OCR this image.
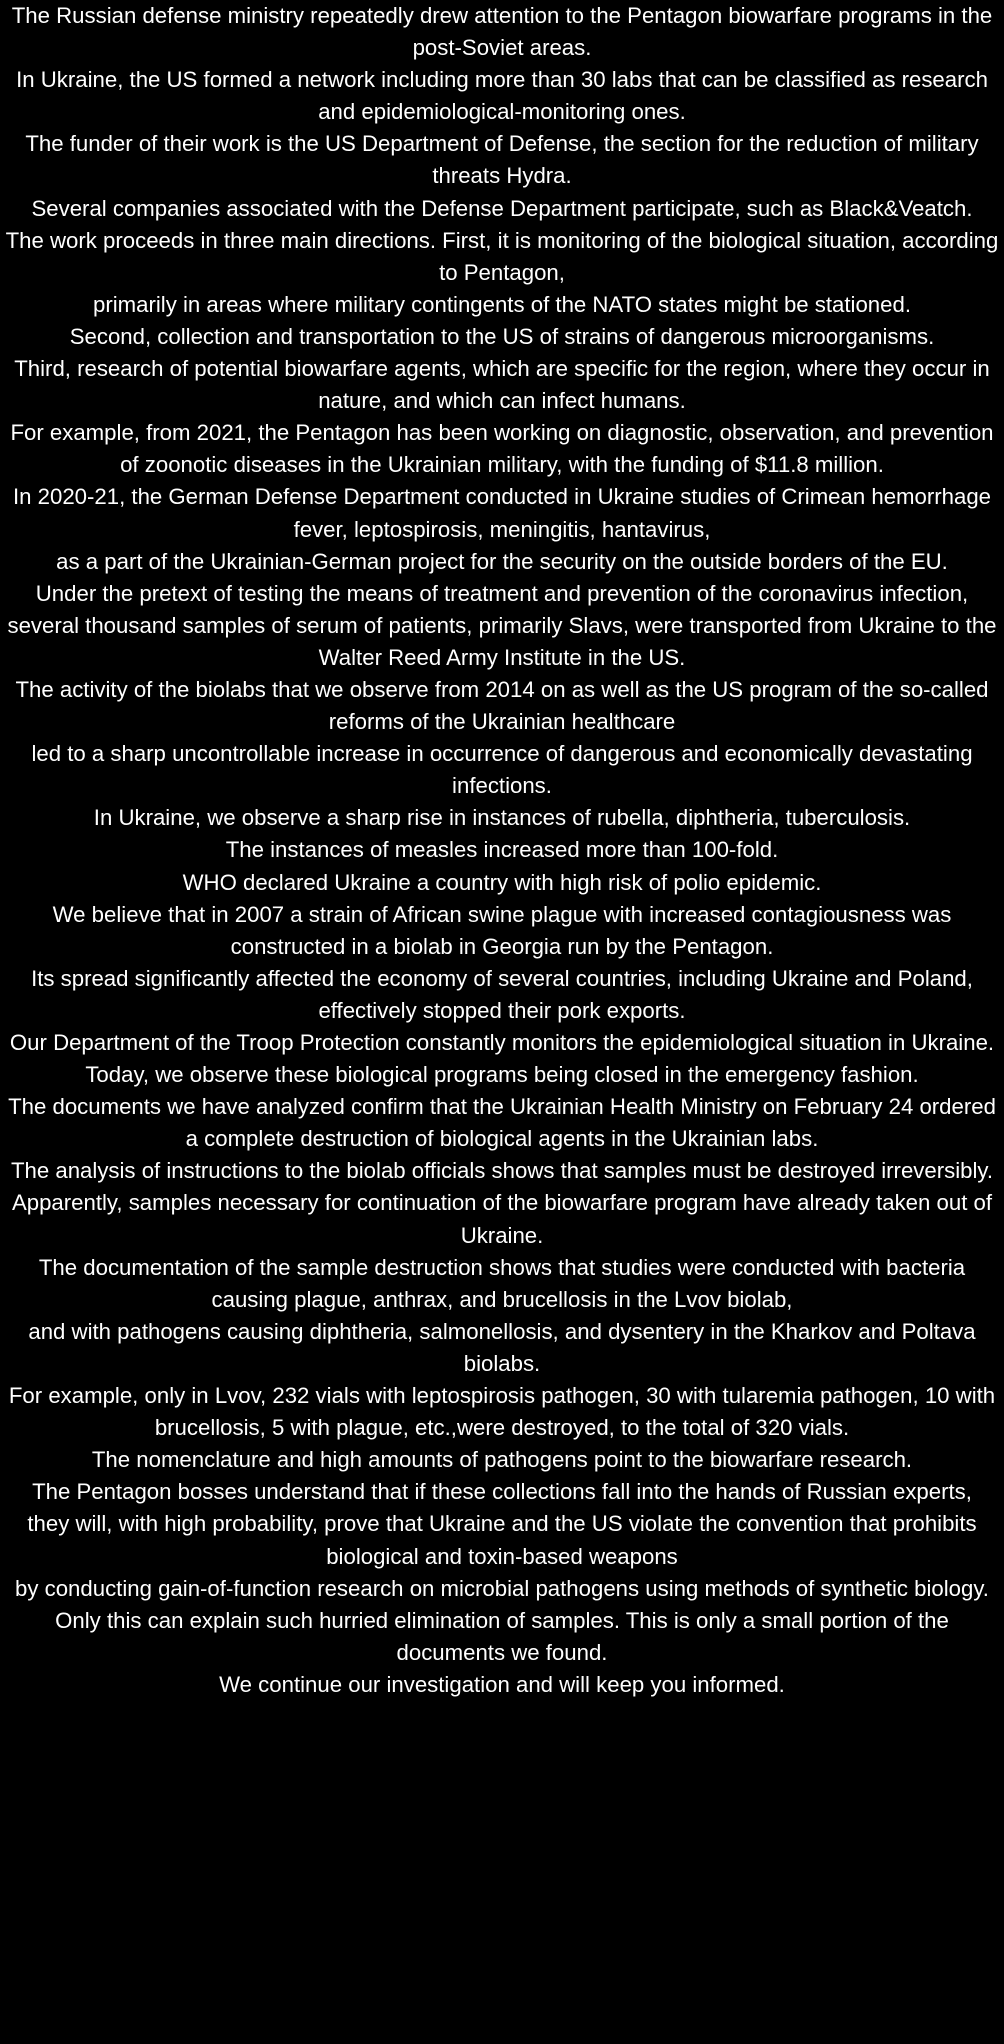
The Russian defense ministry repeatedly drew attention to the Pentagon biowarfare programs in the post-Soviet areas.

In Ukraine, the US formed a network including more than 30 labs that can be classified as research and epidemiological-monitoring ones.

The funder of their work is the US Department of Defense, the section for the reduction of military threats Hydra.

Several companies associated with the Defense Department participate, such as Black&Veatch.

The work proceeds in three main directions. First, it is monitoring of the biological situation, according to Pentagon,

primarily in areas where military contingents of the NATO states might be stationed.

Second, collection and transportation to the US of strains of dangerous microorganisms.

Third, research of potential biowarfare agents, which are specific for the region, where they occur in nature, and which can infect humans.

For example, from 2021, the Pentagon has been working on diagnostic, observation, and prevention of zoonotic diseases in the Ukrainian military, with the funding of $11.8 million.

In 2020-21, the German Defense Department conducted in Ukraine studies of Crimean hemorrhage fever, leptospirosis, meningitis, hantavirus,

as a part of the Ukrainian-German project for the security on the outside borders of the EU.

Under the pretext of testing the means of treatment and prevention of the coronavirus infection,

several thousand samples of serum of patients, primarily Slavs, were transported from Ukraine to the Walter Reed Army Institute in the US.

The activity of the biolabs that we observe from 2014 on as well as the US program of the so-called reforms of the Ukrainian healthcare

led to a sharp uncontrollable increase in occurrence of dangerous and economically devastating infections.

In Ukraine, we observe a sharp rise in instances of rubella, diphtheria, tuberculosis.

The instances of measles increased more than 100-fold.

WHO declared Ukraine a country with high risk of polio epidemic.

We believe that in 2007 a strain of African swine plague with increased contagiousness was constructed in a biolab in Georgia run by the Pentagon.

Its spread significantly affected the economy of several countries, including Ukraine and Poland, effectively stopped their pork exports.

Our Department of the Troop Protection constantly monitors the epidemiological situation in Ukraine. Today, we observe these biological programs being closed in the emergency fashion.

The documents we have analyzed confirm that the Ukrainian Health Ministry on February 24 ordered a complete destruction of biological agents in the Ukrainian labs.

The analysis of instructions to the biolab officials shows that samples must be destroyed irreversibly.

Apparently, samples necessary for continuation of the biowarfare program have already taken out of Ukraine.

The documentation of the sample destruction shows that studies were conducted with bacteria causing plague, anthrax, and brucellosis in the Lvov biolab,

and with pathogens causing diphtheria, salmonellosis, and dysentery in the Kharkov and Poltava biolabs.

For example, only in Lvov, 232 vials with leptospirosis pathogen, 30 with tularemia pathogen, 10 with brucellosis, 5 with plague, etc.,were destroyed, to the total of 320 vials.

The nomenclature and high amounts of pathogens point to the biowarfare research.

The Pentagon bosses understand that if these collections fall into the hands of Russian experts,

they will, with high probability, prove that Ukraine and the US violate the convention that prohibits biological and toxin-based weapons

by conducting gain-of-function research on microbial pathogens using methods of synthetic biology.

Only this can explain such hurried elimination of samples. This is only a small portion of the documents we found.

We continue our investigation and will keep you informed.
